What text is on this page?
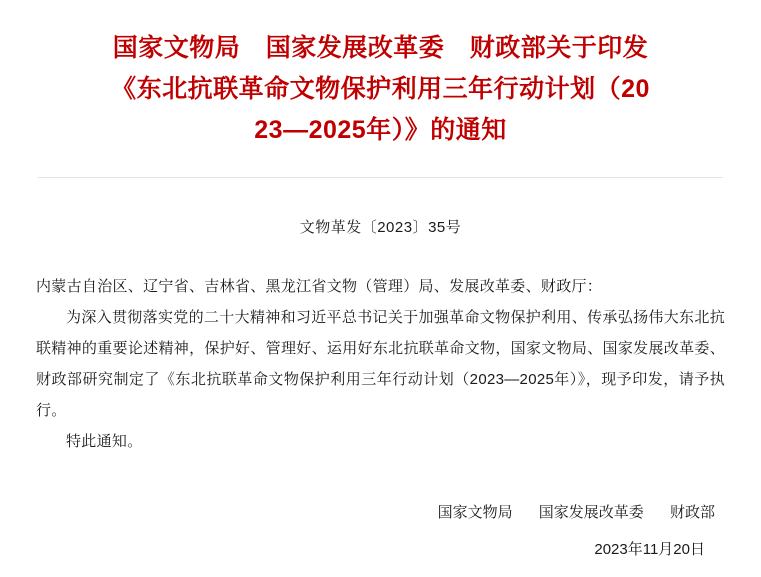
国家文物局　国家发展改革委　财政部关于印发
《东北抗联革命文物保护利用三年行动计划（20
23—2025年）》的通知
文物革发〔2023〕35号

内蒙古自治区、辽宁省、吉林省、黑龙江省文物（管理）局、发展改革委、财政厅：

为深入贯彻落实党的二十大精神和习近平总书记关于加强革命文物保护利用、传承弘扬伟大东北抗联精神的重要论述精神，保护好、管理好、运用好东北抗联革命文物，国家文物局、国家发展改革委、财政部研究制定了《东北抗联革命文物保护利用三年行动计划（2023—2025年）》，现予印发，请予执行。

特此通知。

国家文物局 国家发展改革委 财政部
2023年11月20日
